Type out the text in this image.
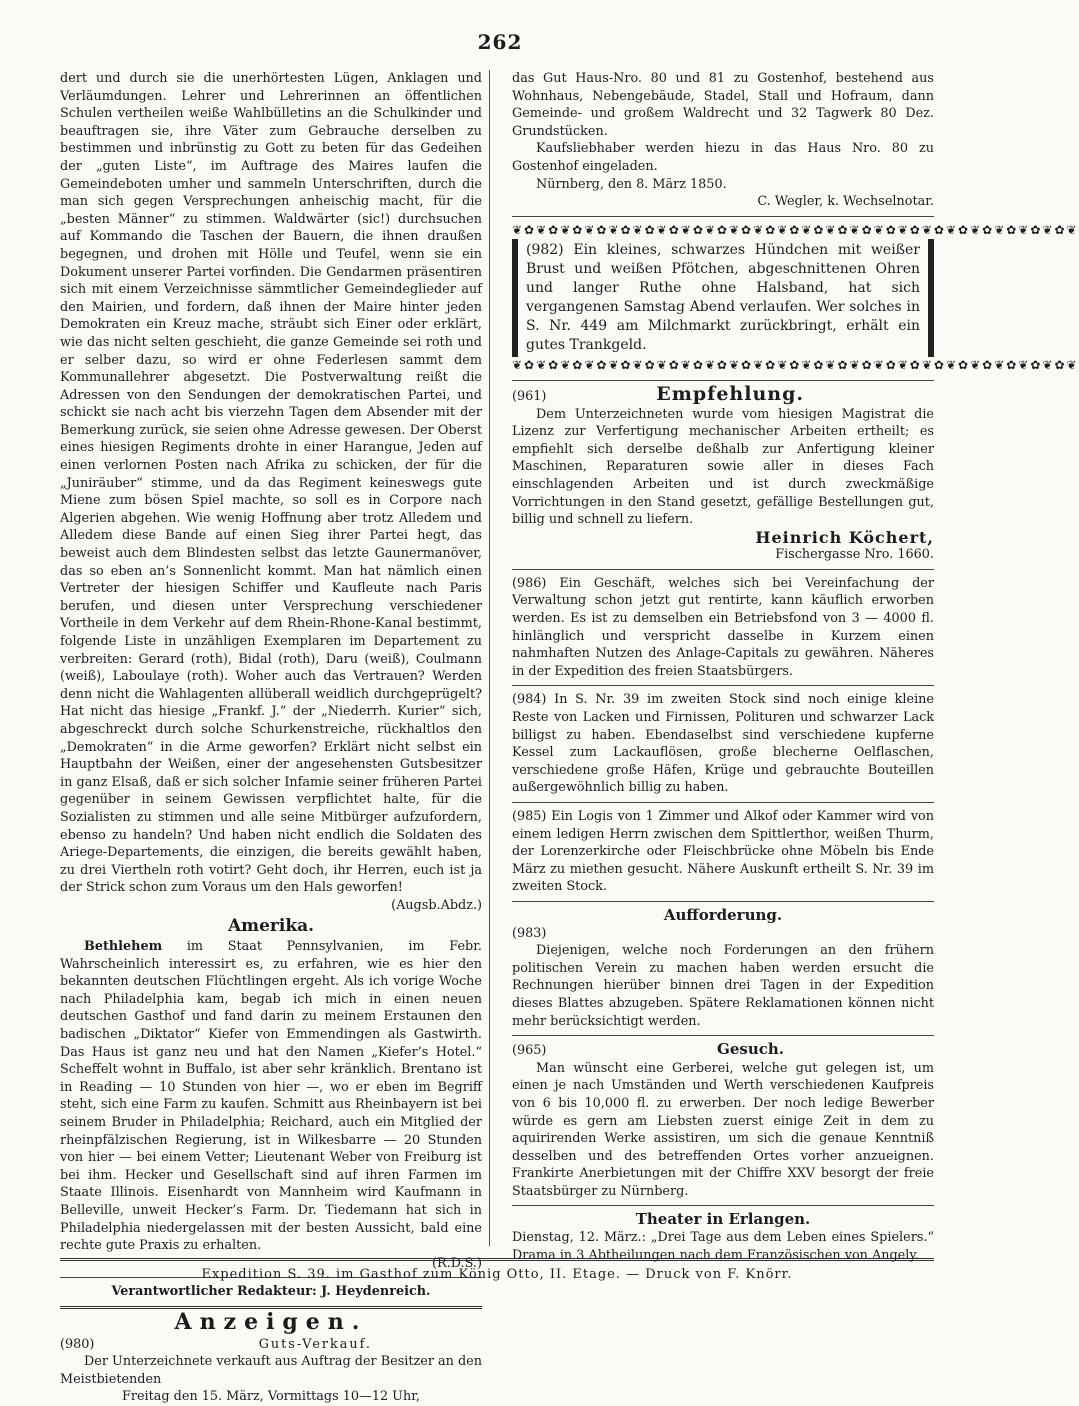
262

dert und durch sie die unerhörtesten Lügen, Anklagen und Verläumdungen. Lehrer und Lehrerinnen an öffentlichen Schulen vertheilen weiße Wahlbülletins an die Schulkinder und beauftragen sie, ihre Väter zum Gebrauche derselben zu bestimmen und inbrünstig zu Gott zu beten für das Gedeihen der „guten Liste“, im Auftrage des Maires laufen die Gemeindeboten umher und sammeln Unterschriften, durch die man sich gegen Versprechungen anheischig macht, für die „besten Männer“ zu stimmen. Waldwärter (sic!) durchsuchen auf Kommando die Taschen der Bauern, die ihnen draußen begegnen, und drohen mit Hölle und Teufel, wenn sie ein Dokument unserer Partei vorfinden. Die Gendarmen präsentiren sich mit einem Verzeichnisse sämmtlicher Gemeindeglieder auf den Mairien, und fordern, daß ihnen der Maire hinter jeden Demokraten ein Kreuz mache, sträubt sich Einer oder erklärt, wie das nicht selten geschieht, die ganze Gemeinde sei roth und er selber dazu, so wird er ohne Federlesen sammt dem Kommunallehrer abgesetzt. Die Postverwaltung reißt die Adressen von den Sendungen der demokratischen Partei, und schickt sie nach acht bis vierzehn Tagen dem Absender mit der Bemerkung zurück, sie seien ohne Adresse gewesen. Der Oberst eines hiesigen Regiments drohte in einer Harangue, Jeden auf einen verlornen Posten nach Afrika zu schicken, der für die „Juniräuber“ stimme, und da das Regiment keineswegs gute Miene zum bösen Spiel machte, so soll es in Corpore nach Algerien abgehen. Wie wenig Hoffnung aber trotz Alledem und Alledem diese Bande auf einen Sieg ihrer Partei hegt, das beweist auch dem Blindesten selbst das letzte Gaunermanöver, das so eben an’s Sonnenlicht kommt. Man hat nämlich einen Vertreter der hiesigen Schiffer und Kaufleute nach Paris berufen, und diesen unter Versprechung verschiedener Vortheile in dem Verkehr auf dem Rhein-Rhone-Kanal bestimmt, folgende Liste in unzähligen Exemplaren im Departement zu verbreiten: Gerard (roth), Bidal (roth), Daru (weiß), Coulmann (weiß), Laboulaye (roth). Woher auch das Vertrauen? Werden denn nicht die Wahlagenten allüberall weidlich durchgeprügelt? Hat nicht das hiesige „Frankf. J.“ der „Niederrh. Kurier“ sich, abgeschreckt durch solche Schurkenstreiche, rückhaltlos den „Demokraten“ in die Arme geworfen? Erklärt nicht selbst ein Hauptbahn der Weißen, einer der angesehensten Gutsbesitzer in ganz Elsaß, daß er sich solcher Infamie seiner früheren Partei gegenüber in seinem Gewissen verpflichtet halte, für die Sozialisten zu stimmen und alle seine Mitbürger aufzufordern, ebenso zu handeln? Und haben nicht endlich die Soldaten des Ariege-Departements, die einzigen, die bereits gewählt haben, zu drei Viertheln roth votirt? Geht doch, ihr Herren, euch ist ja der Strick schon zum Voraus um den Hals geworfen!

(Augsb.Abdz.)

Amerika.

Bethlehem im Staat Pennsylvanien, im Febr. Wahrscheinlich interessirt es, zu erfahren, wie es hier den bekannten deutschen Flüchtlingen ergeht. Als ich vorige Woche nach Philadelphia kam, begab ich mich in einen neuen deutschen Gasthof und fand darin zu meinem Erstaunen den badischen „Diktator“ Kiefer von Emmendingen als Gastwirth. Das Haus ist ganz neu und hat den Namen „Kiefer’s Hotel.“ Scheffelt wohnt in Buffalo, ist aber sehr kränklich. Brentano ist in Reading — 10 Stunden von hier —, wo er eben im Begriff steht, sich eine Farm zu kaufen. Schmitt aus Rheinbayern ist bei seinem Bruder in Philadelphia; Reichard, auch ein Mitglied der rheinpfälzischen Regierung, ist in Wilkesbarre — 20 Stunden von hier — bei einem Vetter; Lieutenant Weber von Freiburg ist bei ihm. Hecker und Gesellschaft sind auf ihren Farmen im Staate Illinois. Eisenhardt von Mannheim wird Kaufmann in Belleville, unweit Hecker’s Farm. Dr. Tiedemann hat sich in Philadelphia niedergelassen mit der besten Aussicht, bald eine rechte gute Praxis zu erhalten.

(R.D.S.)

Verantwortlicher Redakteur: J. Heydenreich.

Anzeigen.
(980)	Guts-Verkauf.

Der Unterzeichnete verkauft aus Auftrag der Besitzer an den Meistbietenden

Freitag den 15. März, Vormittags 10—12 Uhr,

das Gut Haus-Nro. 80 und 81 zu Gostenhof, bestehend aus Wohnhaus, Nebengebäude, Stadel, Stall und Hofraum, dann Gemeinde- und großem Waldrecht und 32 Tagwerk 80 Dez. Grundstücken.

Kaufsliebhaber werden hiezu in das Haus Nro. 80 zu Gostenhof eingeladen.

Nürnberg, den 8. März 1850.

C. Wegler, k. Wechselnotar.

❦✿❦✿❦✿❦✿❦✿❦✿❦✿❦✿❦✿❦✿❦✿❦✿❦✿❦✿❦✿❦✿❦✿❦✿❦✿❦✿❦✿❦✿❦✿❦

(982) Ein kleines, schwarzes Hündchen mit weißer Brust und weißen Pfötchen, abgeschnittenen Ohren und langer Ruthe ohne Halsband, hat sich vergangenen Samstag Abend verlaufen. Wer solches in S. Nr. 449 am Milchmarkt zurückbringt, erhält ein gutes Trankgeld.

❦✿❦✿❦✿❦✿❦✿❦✿❦✿❦✿❦✿❦✿❦✿❦✿❦✿❦✿❦✿❦✿❦✿❦✿❦✿❦✿❦✿❦✿❦✿❦
(961)	Empfehlung.

Dem Unterzeichneten wurde vom hiesigen Magistrat die Lizenz zur Verfertigung mechanischer Arbeiten ertheilt; es empfiehlt sich derselbe deßhalb zur Anfertigung kleiner Maschinen, Reparaturen sowie aller in dieses Fach einschlagenden Arbeiten und ist durch zweckmäßige Vorrichtungen in den Stand gesetzt, gefällige Bestellungen gut, billig und schnell zu liefern.

Heinrich Köchert,

Fischergasse Nro. 1660.

(986) Ein Geschäft, welches sich bei Vereinfachung der Verwaltung schon jetzt gut rentirte, kann käuflich erworben werden. Es ist zu demselben ein Betriebsfond von 3 — 4000 fl. hinlänglich und verspricht dasselbe in Kurzem einen nahmhaften Nutzen des Anlage-Capitals zu gewähren. Näheres in der Expedition des freien Staatsbürgers.

(984) In S. Nr. 39 im zweiten Stock sind noch einige kleine Reste von Lacken und Firnissen, Polituren und schwarzer Lack billigst zu haben. Ebendaselbst sind verschiedene kupferne Kessel zum Lackauflösen, große blecherne Oelflaschen, verschiedene große Häfen, Krüge und gebrauchte Bouteillen außergewöhnlich billig zu haben.

(985) Ein Logis von 1 Zimmer und Alkof oder Kammer wird von einem ledigen Herrn zwischen dem Spittlerthor, weißen Thurm, der Lorenzerkirche oder Fleischbrücke ohne Möbeln bis Ende März zu miethen gesucht. Nähere Auskunft ertheilt S. Nr. 39 im zweiten Stock.

Aufforderung.

(983)

Diejenigen, welche noch Forderungen an den frühern politischen Verein zu machen haben werden ersucht die Rechnungen hierüber binnen drei Tagen in der Expedition dieses Blattes abzugeben. Spätere Reklamationen können nicht mehr berücksichtigt werden.

(965)	Gesuch.

Man wünscht eine Gerberei, welche gut gelegen ist, um einen je nach Umständen und Werth verschiedenen Kaufpreis von 6 bis 10,000 fl. zu erwerben. Der noch ledige Bewerber würde es gern am Liebsten zuerst einige Zeit in dem zu aquirirenden Werke assistiren, um sich die genaue Kenntniß desselben und des betreffenden Ortes vorher anzueignen. Frankirte Anerbietungen mit der Chiffre XXV besorgt der freie Staatsbürger zu Nürnberg.

Theater in Erlangen.

Dienstag, 12. März.: „Drei Tage aus dem Leben eines Spielers.“ Drama in 3 Abtheilungen nach dem Französischen von Angely.

Expedition S. 39. im Gasthof zum König Otto, II. Etage. — Druck von F. Knörr.
